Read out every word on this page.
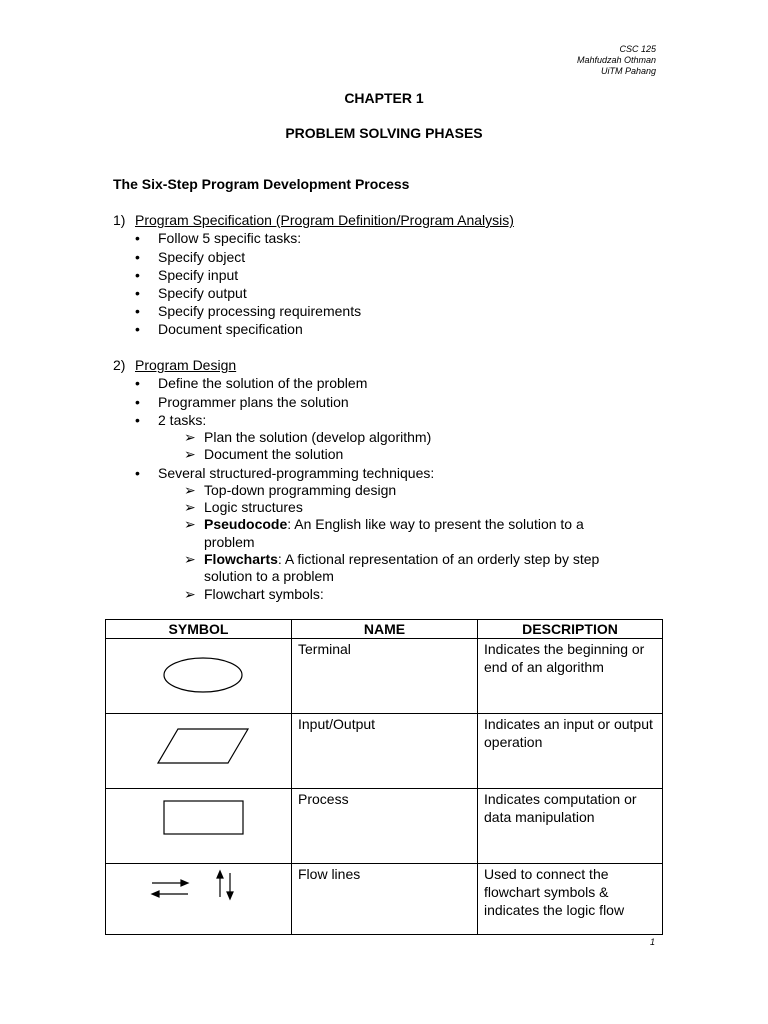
CSC 125
Mahfudzah Othman
UiTM Pahang
CHAPTER 1
PROBLEM SOLVING PHASES
The Six-Step Program Development Process
1) Program Specification (Program Definition/Program Analysis)
• Follow 5 specific tasks:
• Specify object
• Specify input
• Specify output
• Specify processing requirements
• Document specification
2) Program Design
• Define the solution of the problem
• Programmer plans the solution
• 2 tasks:
➢ Plan the solution (develop algorithm)
➢ Document the solution
• Several structured-programming techniques:
➢ Top-down programming design
➢ Logic structures
➢ Pseudocode: An English like way to present the solution to a
problem
➢ Flowcharts: A fictional representation of an orderly step by step
solution to a problem
➢ Flowchart symbols:
SYMBOL	NAME	DESCRIPTION
	Terminal	Indicates the beginning or end of an algorithm
	Input/Output	Indicates an input or output operation
	Process	Indicates computation or data manipulation
	Flow lines	Used to connect the flowchart symbols & indicates the logic flow
1
